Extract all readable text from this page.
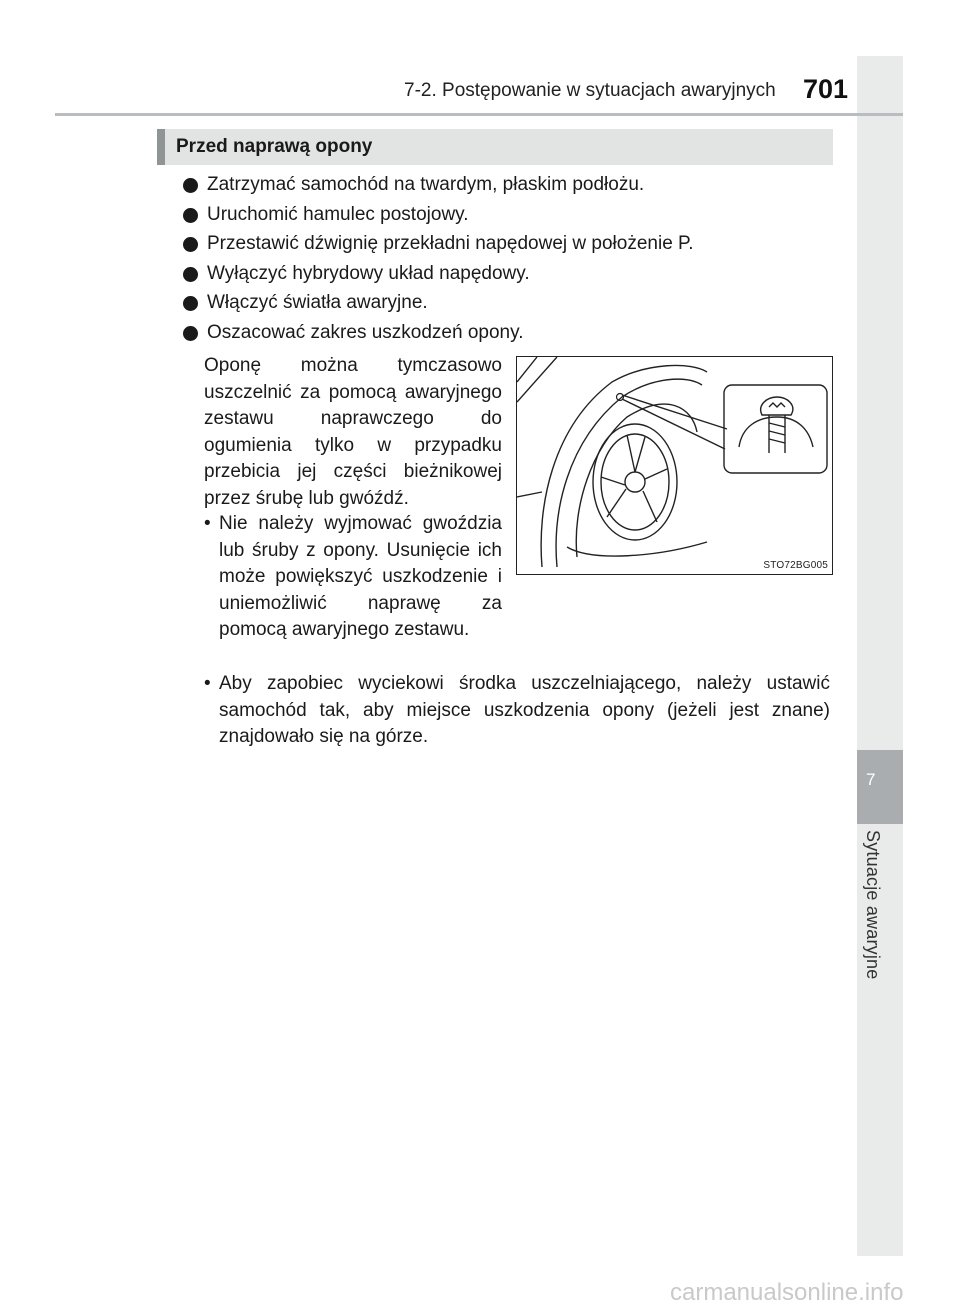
7
Sytuacje awaryjne
7-2. Postępowanie w sytuacjach awaryjnych 701
Przed naprawą opony
Zatrzymać samochód na twardym, płaskim podłożu.
Uruchomić hamulec postojowy.
Przestawić dźwignię przekładni napędowej w położenie P.
Wyłączyć hybrydowy układ napędowy.
Włączyć światła awaryjne.
Oszacować zakres uszkodzeń opony.
Oponę można tymczasowo uszczelnić za pomocą awaryjnego zestawu naprawczego do ogumienia tylko w przypadku przebicia jej części bieżnikowej przez śrubę lub gwóźdź.
• Nie należy wyjmować gwoździa lub śruby z opony. Usunięcie ich może powiększyć uszkodzenie i uniemożliwić naprawę za pomocą awaryjnego zestawu.
• Aby zapobiec wyciekowi środka uszczelniającego, należy ustawić samochód tak, aby miejsce uszkodzenia opony (jeżeli jest znane) znajdowało się na górze.
STO72BG005
carmanualsonline.info
